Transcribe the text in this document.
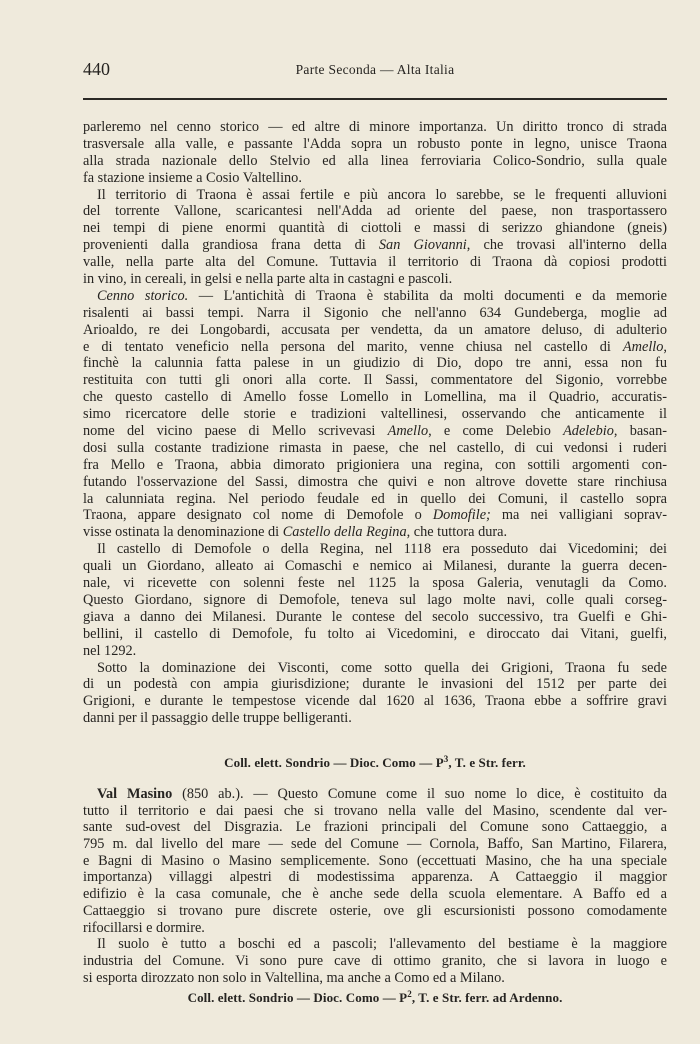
440	Parte Seconda — Alta Italia
parleremo nel cenno storico — ed altre di minore importanza. Un diritto tronco di strada
trasversale alla valle, e passante l'Adda sopra un robusto ponte in legno, unisce Traona
alla strada nazionale dello Stelvio ed alla linea ferroviaria Colico-Sondrio, sulla quale
fa stazione insieme a Cosio Valtellino.
Il territorio di Traona è assai fertile e più ancora lo sarebbe, se le frequenti alluvioni
del torrente Vallone, scaricantesi nell'Adda ad oriente del paese, non trasportassero
nei tempi di piene enormi quantità di ciottoli e massi di serizzo ghiandone (gneis)
provenienti dalla grandiosa frana detta di San Giovanni, che trovasi all'interno della
valle, nella parte alta del Comune. Tuttavia il territorio di Traona dà copiosi prodotti
in vino, in cereali, in gelsi e nella parte alta in castagni e pascoli.
Cenno storico. — L'antichità di Traona è stabilita da molti documenti e da memorie
risalenti ai bassi tempi. Narra il Sigonio che nell'anno 634 Gundeberga, moglie ad
Arioaldo, re dei Longobardi, accusata per vendetta, da un amatore deluso, di adulterio
e di tentato veneficio nella persona del marito, venne chiusa nel castello di Amello,
finchè la calunnia fatta palese in un giudizio di Dio, dopo tre anni, essa non fu
restituita con tutti gli onori alla corte. Il Sassi, commentatore del Sigonio, vorrebbe
che questo castello di Amello fosse Lomello in Lomellina, ma il Quadrio, accuratis-
simo ricercatore delle storie e tradizioni valtellinesi, osservando che anticamente il
nome del vicino paese di Mello scrivevasi Amello, e come Delebio Adelebio, basan-
dosi sulla costante tradizione rimasta in paese, che nel castello, di cui vedonsi i ruderi
fra Mello e Traona, abbia dimorato prigioniera una regina, con sottili argomenti con-
futando l'osservazione del Sassi, dimostra che quivi e non altrove dovette stare rinchiusa
la calunniata regina. Nel periodo feudale ed in quello dei Comuni, il castello sopra
Traona, appare designato col nome di Demofole o Domofile; ma nei valligiani soprav-
visse ostinata la denominazione di Castello della Regina, che tuttora dura.
Il castello di Demofole o della Regina, nel 1118 era posseduto dai Vicedomini; dei
quali un Giordano, alleato ai Comaschi e nemico ai Milanesi, durante la guerra decen-
nale, vi ricevette con solenni feste nel 1125 la sposa Galeria, venutagli da Como.
Questo Giordano, signore di Demofole, teneva sul lago molte navi, colle quali corseg-
giava a danno dei Milanesi. Durante le contese del secolo successivo, tra Guelfi e Ghi-
bellini, il castello di Demofole, fu tolto ai Vicedomini, e diroccato dai Vitani, guelfi,
nel 1292.
Sotto la dominazione dei Visconti, come sotto quella dei Grigioni, Traona fu sede
di un podestà con ampia giurisdizione; durante le invasioni del 1512 per parte dei
Grigioni, e durante le tempestose vicende dal 1620 al 1636, Traona ebbe a soffrire gravi
danni per il passaggio delle truppe belligeranti.
Coll. elett. Sondrio — Dioc. Como — $P^3$, T. e Str. ferr.
Val Masino (850 ab.). — Questo Comune come il suo nome lo dice, è costituito da
tutto il territorio e dai paesi che si trovano nella valle del Masino, scendente dal ver-
sante sud-ovest del Disgrazia. Le frazioni principali del Comune sono Cattaeggio, a
795 m. dal livello del mare — sede del Comune — Cornola, Baffo, San Martino, Filarera,
e Bagni di Masino o Masino semplicemente. Sono (eccettuati Masino, che ha una speciale
importanza) villaggi alpestri di modestissima apparenza. A Cattaeggio il maggior
edifizio è la casa comunale, che è anche sede della scuola elementare. A Baffo ed a
Cattaeggio si trovano pure discrete osterie, ove gli escursionisti possono comodamente
rifocillarsi e dormire.
Il suolo è tutto a boschi ed a pascoli; l'allevamento del bestiame è la maggiore
industria del Comune. Vi sono pure cave di ottimo granito, che si lavora in luogo e
si esporta dirozzato non solo in Valtellina, ma anche a Como ed a Milano.
Coll. elett. Sondrio — Dioc. Como — $P^2$, T. e Str. ferr. ad Ardenno.
